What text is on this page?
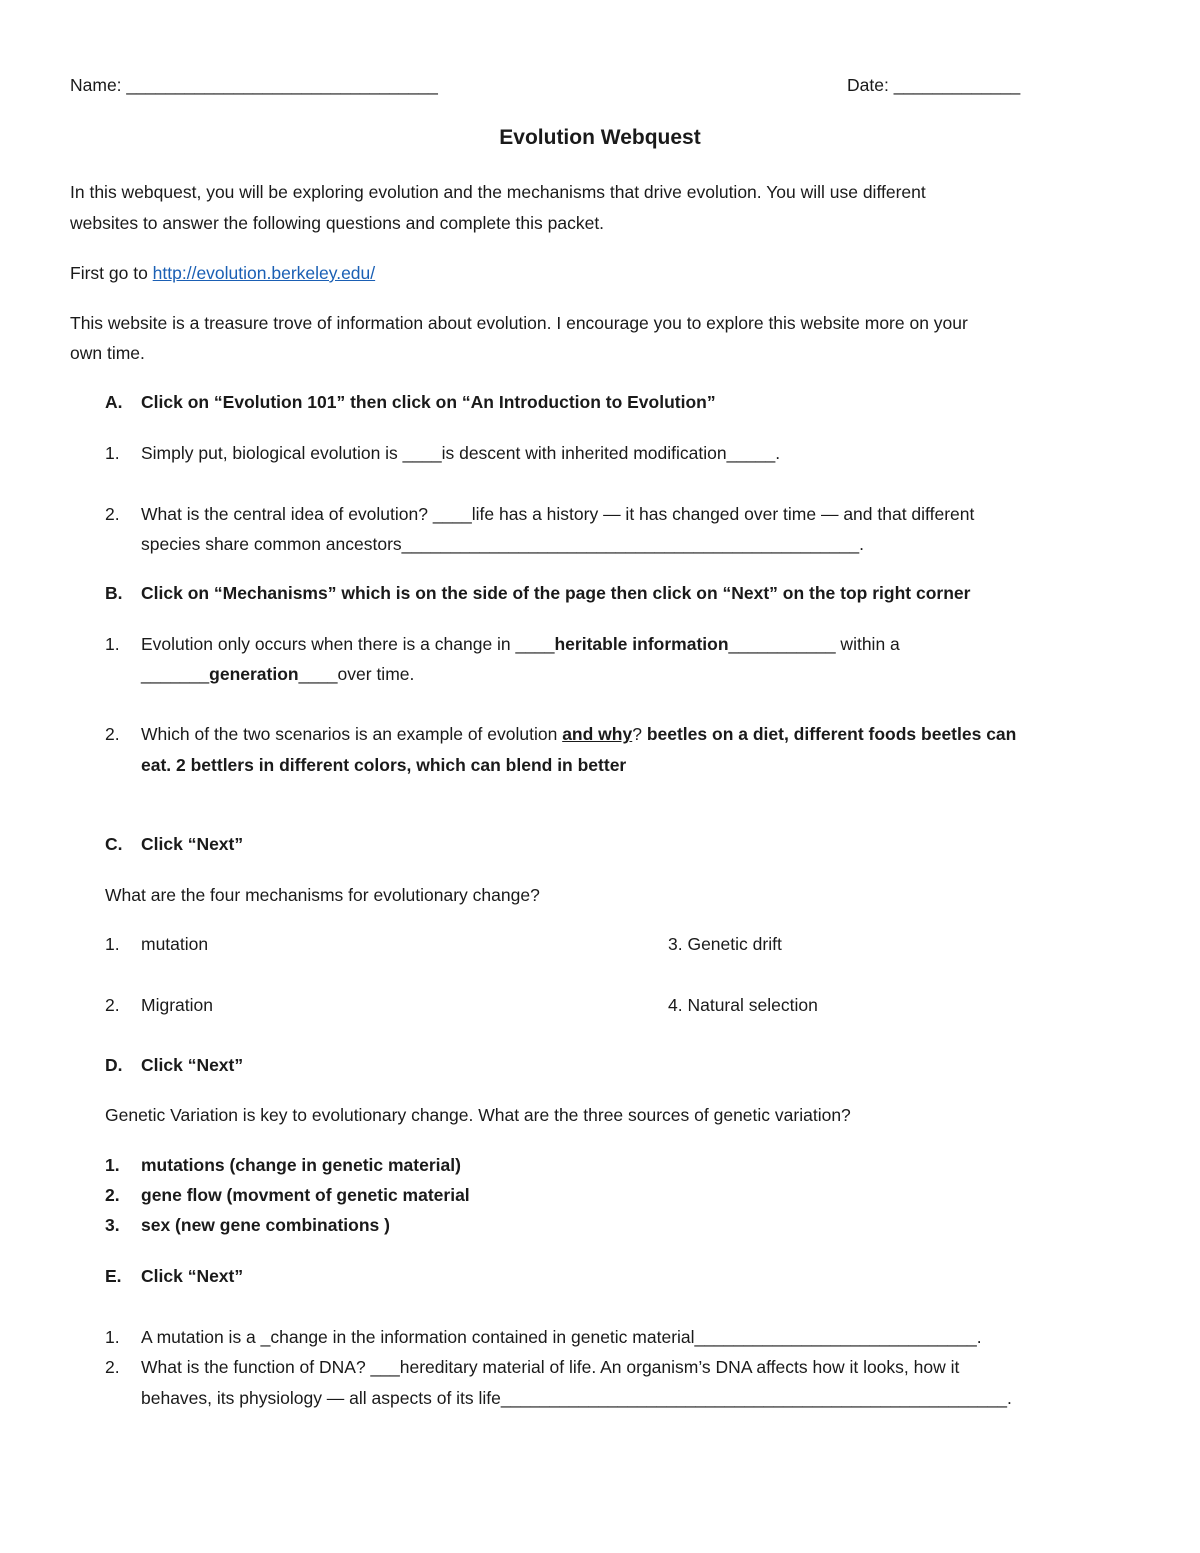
Name: ________________________________	Date: _____________
Evolution Webquest
In this webquest, you will be exploring evolution and the mechanisms that drive evolution. You will use different
websites to answer the following questions and complete this packet.
First go to http://evolution.berkeley.edu/
This website is a treasure trove of information about evolution. I encourage you to explore this website more on your
own time.
A. Click on “Evolution 101” then click on “An Introduction to Evolution”
1. Simply put, biological evolution is ____is descent with inherited modification_____.
2. What is the central idea of evolution? ____life has a history — it has changed over time — and that different
species share common ancestors_______________________________________________.
B. Click on “Mechanisms” which is on the side of the page then click on “Next” on the top right corner
1. Evolution only occurs when there is a change in ____heritable information___________ within a
_______generation____over time.
2. Which of the two scenarios is an example of evolution and why? beetles on a diet, different foods beetles can
eat. 2 bettlers in different colors, which can blend in better
C. Click “Next”
What are the four mechanisms for evolutionary change?
1. mutation	3. Genetic drift
2. Migration	4. Natural selection
D. Click “Next”
Genetic Variation is key to evolutionary change. What are the three sources of genetic variation?
1. mutations (change in genetic material)
2. gene flow (movment of genetic material
3. sex (new gene combinations )
E. Click “Next”
1. A mutation is a _change in the information contained in genetic material_____________________________.
2. What is the function of DNA? ___hereditary material of life. An organism’s DNA affects how it looks, how it
behaves, its physiology — all aspects of its life____________________________________________________.
